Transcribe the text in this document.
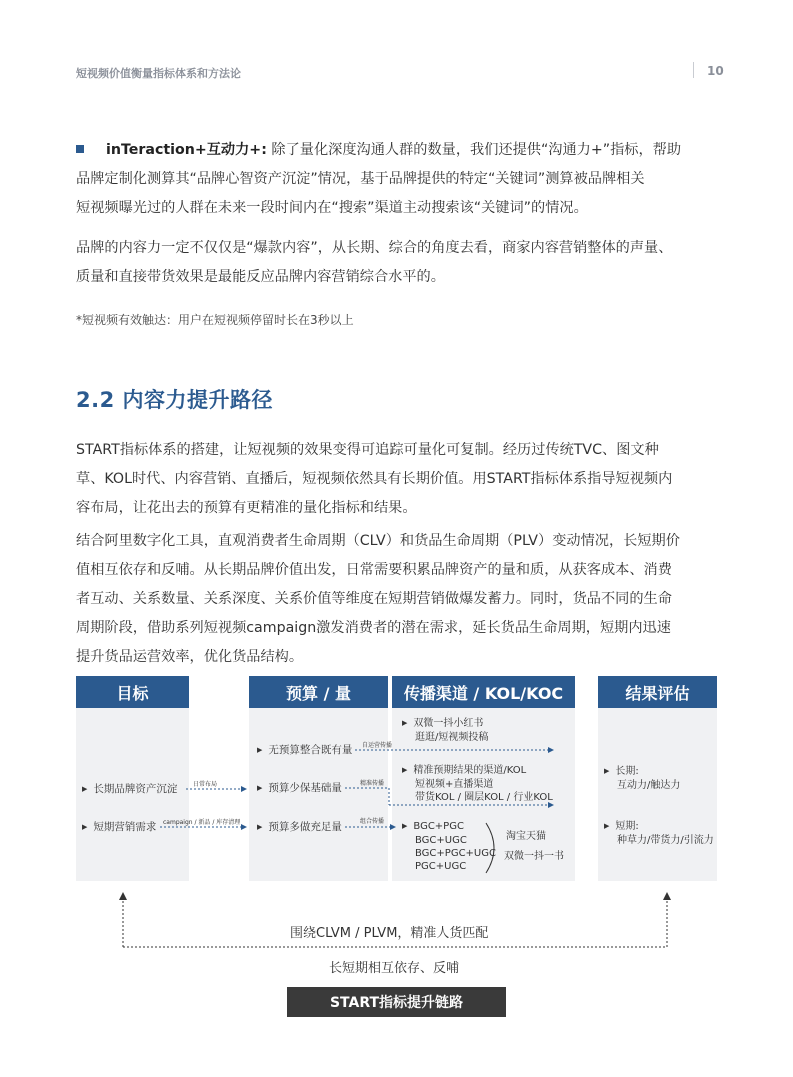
短视频价值衡量指标体系和方法论	10
inTeraction+互动力+: 除了量化深度沟通人群的数量，我们还提供“沟通力+”指标，帮助
品牌定制化测算其“品牌心智资产沉淀”情况，基于品牌提供的特定“关键词”测算被品牌相关
短视频曝光过的人群在未来一段时间内在“搜索”渠道主动搜索该“关键词”的情况。
品牌的内容力一定不仅仅是“爆款内容”，从长期、综合的角度去看，商家内容营销整体的声量、
质量和直接带货效果是最能反应品牌内容营销综合水平的。
*短视频有效触达：用户在短视频停留时长在3秒以上
2.2 内容力提升路径
START指标体系的搭建，让短视频的效果变得可追踪可量化可复制。经历过传统TVC、图文种
草、KOL时代、内容营销、直播后，短视频依然具有长期价值。用START指标体系指导短视频内
容布局，让花出去的预算有更精准的量化指标和结果。
结合阿里数字化工具，直观消费者生命周期（CLV）和货品生命周期（PLV）变动情况，长短期价
值相互依存和反哺。从长期品牌价值出发，日常需要积累品牌资产的量和质，从获客成本、消费
者互动、关系数量、关系深度、关系价值等维度在短期营销做爆发蓄力。同时，货品不同的生命
周期阶段，借助系列短视频campaign激发消费者的潜在需求，延长货品生命周期，短期内迅速
提升货品运营效率，优化货品结构。
目标	预算 / 量	传播渠道 / KOL/KOC	结果评估
▶ 长期品牌资产沉淀
▶ 短期营销需求
日常布局
campaign / 新品 / 库存清理
自运营传播
精准传播
组合传播
▶ 无预算整合既有量
▶ 预算少保基础量
▶ 预算多做充足量
▶ 双微一抖小红书
逛逛/短视频投稿
▶ 精准预期结果的渠道/KOL
短视频+直播渠道
带货KOL / 圈层KOL / 行业KOL
▶ BGC+PGC
BGC+UGC
BGC+PGC+UGC
PGC+UGC
淘宝天猫
双微一抖一书
▶ 长期:
互动力/触达力
▶ 短期:
种草力/带货力/引流力
围绕CLVM / PLVM，精准人货匹配
长短期相互依存、反哺
START指标提升链路
